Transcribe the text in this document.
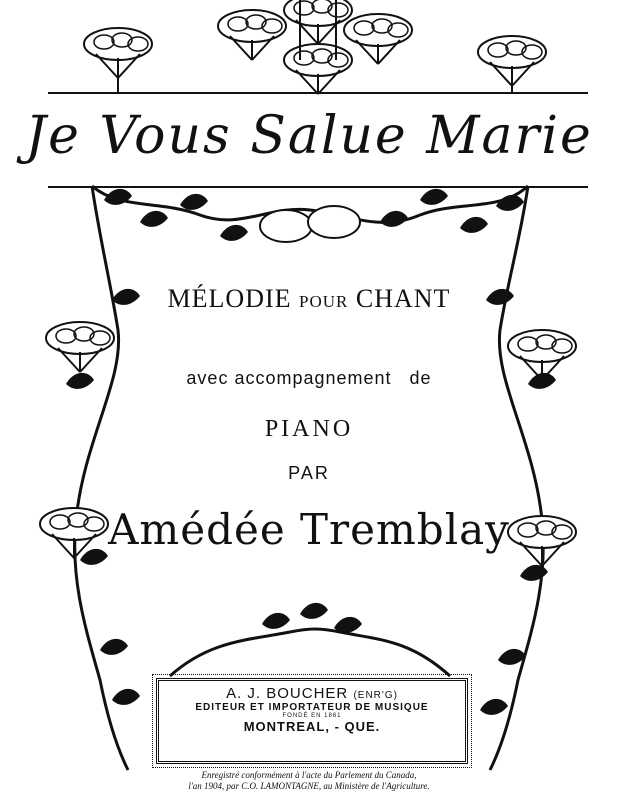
Je Vous Salue Marie
MÉLODIE POUR CHANT
avec accompagnement   de
PIANO
PAR
Amédée Tremblay
A. J. BOUCHER (ENR'G)
EDITEUR ET IMPORTATEUR DE MUSIQUE
FONDÉ EN 1861
MONTREAL, - QUE.
Enregistré conformément à l'acte du Parlement du Canada,
l'an 1904, par C.O. LAMONTAGNE, au Ministère de l'Agriculture.
